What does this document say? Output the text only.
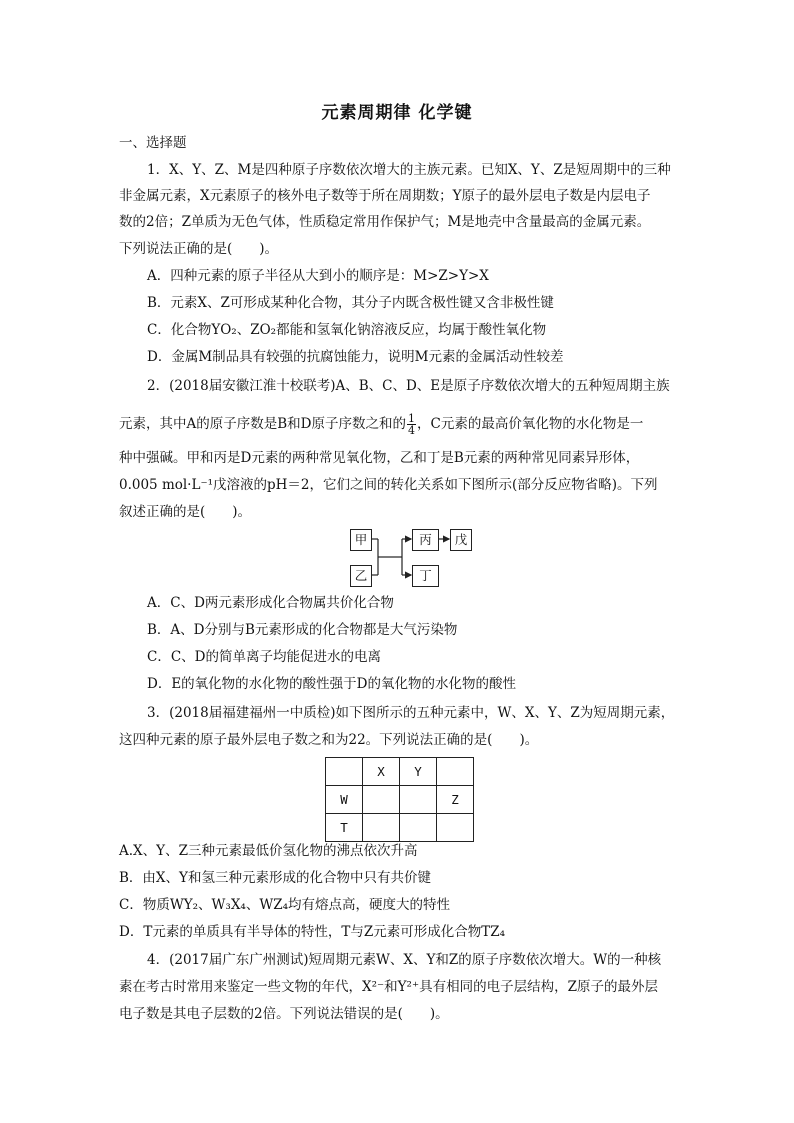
元素周期律 化学键
一、选择题
1．X、Y、Z、M是四种原子序数依次增大的主族元素。已知X、Y、Z是短周期中的三种
非金属元素，X元素原子的核外电子数等于所在周期数；Y原子的最外层电子数是内层电子
数的2倍；Z单质为无色气体，性质稳定常用作保护气；M是地壳中含量最高的金属元素。
下列说法正确的是(　　)。
A．四种元素的原子半径从大到小的顺序是：M>Z>Y>X
B．元素X、Z可形成某种化合物，其分子内既含极性键又含非极性键
C．化合物YO₂、ZO₂都能和氢氧化钠溶液反应，均属于酸性氧化物
D．金属M制品具有较强的抗腐蚀能力，说明M元素的金属活动性较差
2．(2018届安徽江淮十校联考)A、B、C、D、E是原子序数依次增大的五种短周期主族
元素，其中A的原子序数是B和D原子序数之和的 $\frac{1}{4}$ ，C元素的最高价氧化物的水化物是一
种中强碱。甲和丙是D元素的两种常见氧化物，乙和丁是B元素的两种常见同素异形体，
0.005 mol·L⁻¹戊溶液的pH＝2，它们之间的转化关系如下图所示(部分反应物省略)。下列
叙述正确的是(　　)。
甲
乙
丙
丁
戊
A．C、D两元素形成化合物属共价化合物
B．A、D分别与B元素形成的化合物都是大气污染物
C．C、D的简单离子均能促进水的电离
D．E的氧化物的水化物的酸性强于D的氧化物的水化物的酸性
3．(2018届福建福州一中质检)如下图所示的五种元素中，W、X、Y、Z为短周期元素，
这四种元素的原子最外层电子数之和为22。下列说法正确的是(　　)。
	X	Y	
W			Z
T			
A.X、Y、Z三种元素最低价氢化物的沸点依次升高
B．由X、Y和氢三种元素形成的化合物中只有共价键
C．物质WY₂、W₃X₄、WZ₄均有熔点高，硬度大的特性
D．T元素的单质具有半导体的特性，T与Z元素可形成化合物TZ₄
4．(2017届广东广州测试)短周期元素W、X、Y和Z的原子序数依次增大。W的一种核
素在考古时常用来鉴定一些文物的年代，X²⁻和Y²⁺具有相同的电子层结构，Z原子的最外层
电子数是其电子层数的2倍。下列说法错误的是(　　)。
